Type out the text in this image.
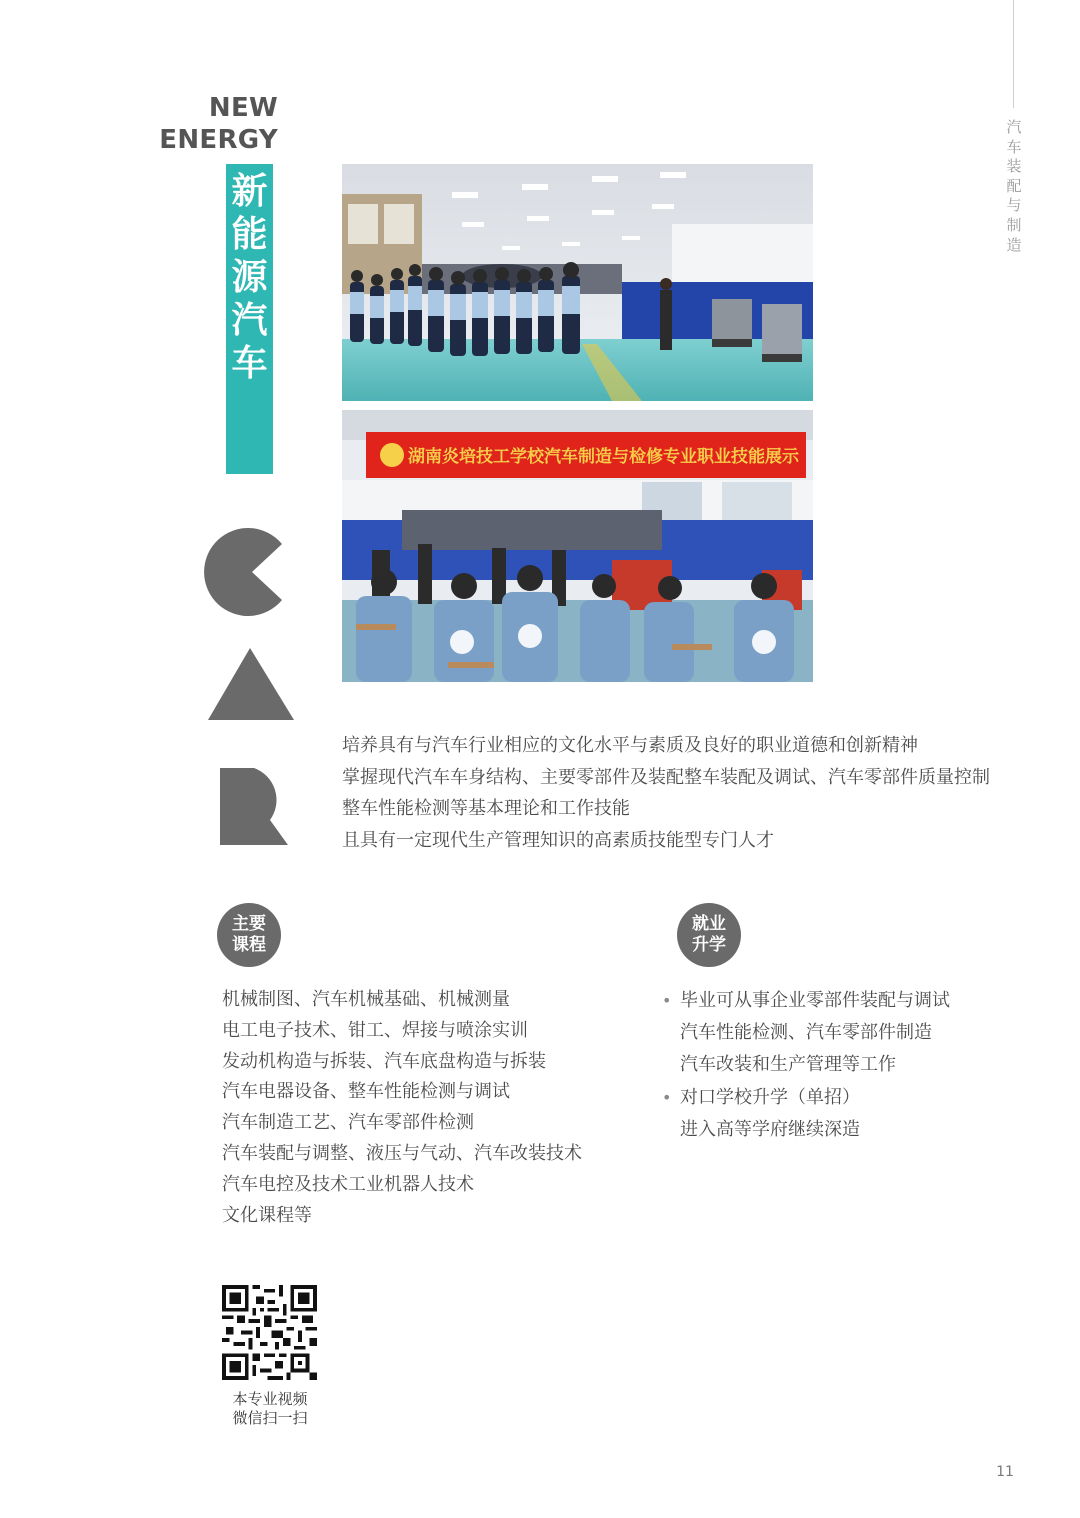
汽
车
装
配
与
制
造
NEW
ENERGY
新
能
源
汽
车
湖南炎培技工学校汽车制造与检修专业职业技能展示

培养具有与汽车行业相应的文化水平与素质及良好的职业道德和创新精神

掌握现代汽车车身结构、主要零部件及装配整车装配及调试、汽车零部件质量控制

整车性能检测等基本理论和工作技能

且具有一定现代生产管理知识的高素质技能型专门人才

主要
课程
机械制图、汽车机械基础、机械测量
电工电子技术、钳工、焊接与喷涂实训
发动机构造与拆装、汽车底盘构造与拆装
汽车电器设备、整车性能检测与调试
汽车制造工艺、汽车零部件检测
汽车装配与调整、液压与气动、汽车改装技术
汽车电控及技术工业机器人技术
文化课程等
就业
升学
• 毕业可从事企业零部件装配与调试
汽车性能检测、汽车零部件制造
汽车改装和生产管理等工作
• 对口学校升学（单招）
进入高等学府继续深造
本专业视频
微信扫一扫
11
